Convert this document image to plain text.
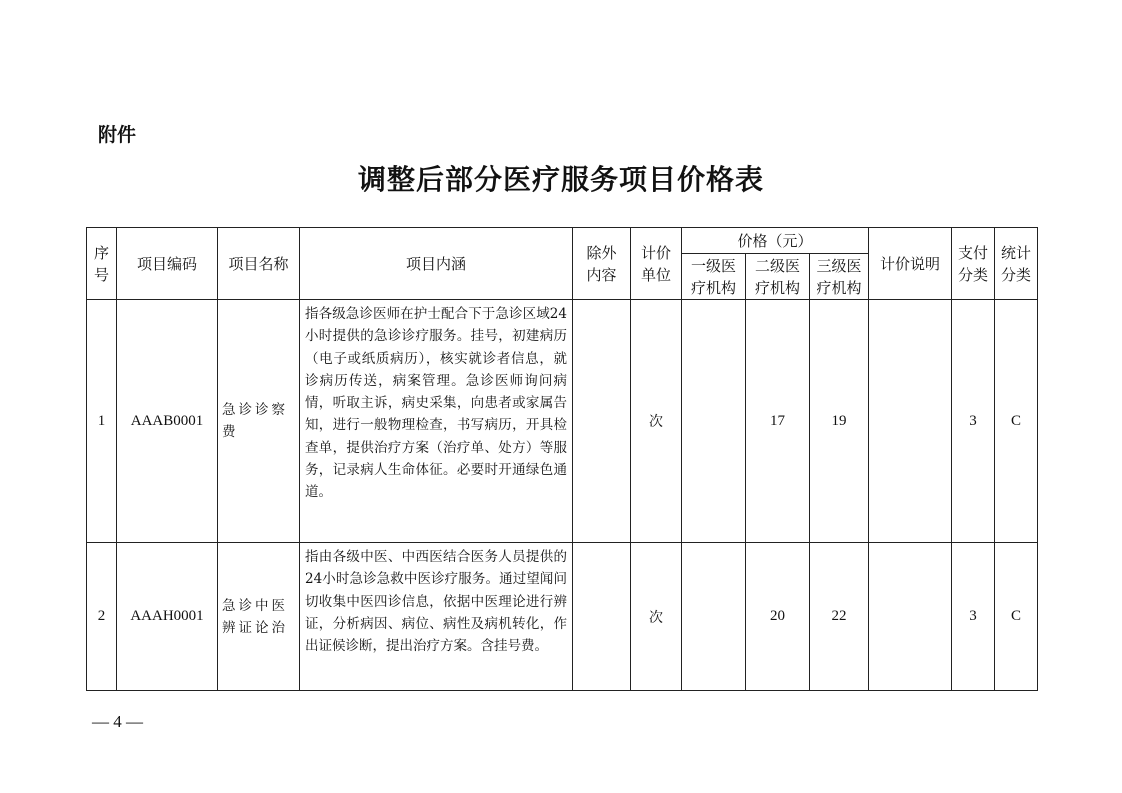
附件
调整后部分医疗服务项目价格表
序号	项目编码	项目名称	项目内涵	除外内容	计价单位	价格（元）			计价说明	支付分类	统计分类
						一级医疗机构	二级医疗机构	三级医疗机构			
1	AAAB0001	急诊诊察费	指各级急诊医师在护士配合下于急诊区域24小时提供的急诊诊疗服务。挂号，初建病历（电子或纸质病历），核实就诊者信息，就诊病历传送，病案管理。急诊医师询问病情，听取主诉，病史采集，向患者或家属告知，进行一般物理检查，书写病历，开具检查单，提供治疗方案（治疗单、处方）等服务，记录病人生命体征。必要时开通绿色通道。		次		17	19		3	C
2	AAAH0001	急诊中医辨证论治	指由各级中医、中西医结合医务人员提供的24小时急诊急救中医诊疗服务。通过望闻问切收集中医四诊信息，依据中医理论进行辨证，分析病因、病位、病性及病机转化，作出证候诊断，提出治疗方案。含挂号费。		次		20	22		3	C
— 4 —
